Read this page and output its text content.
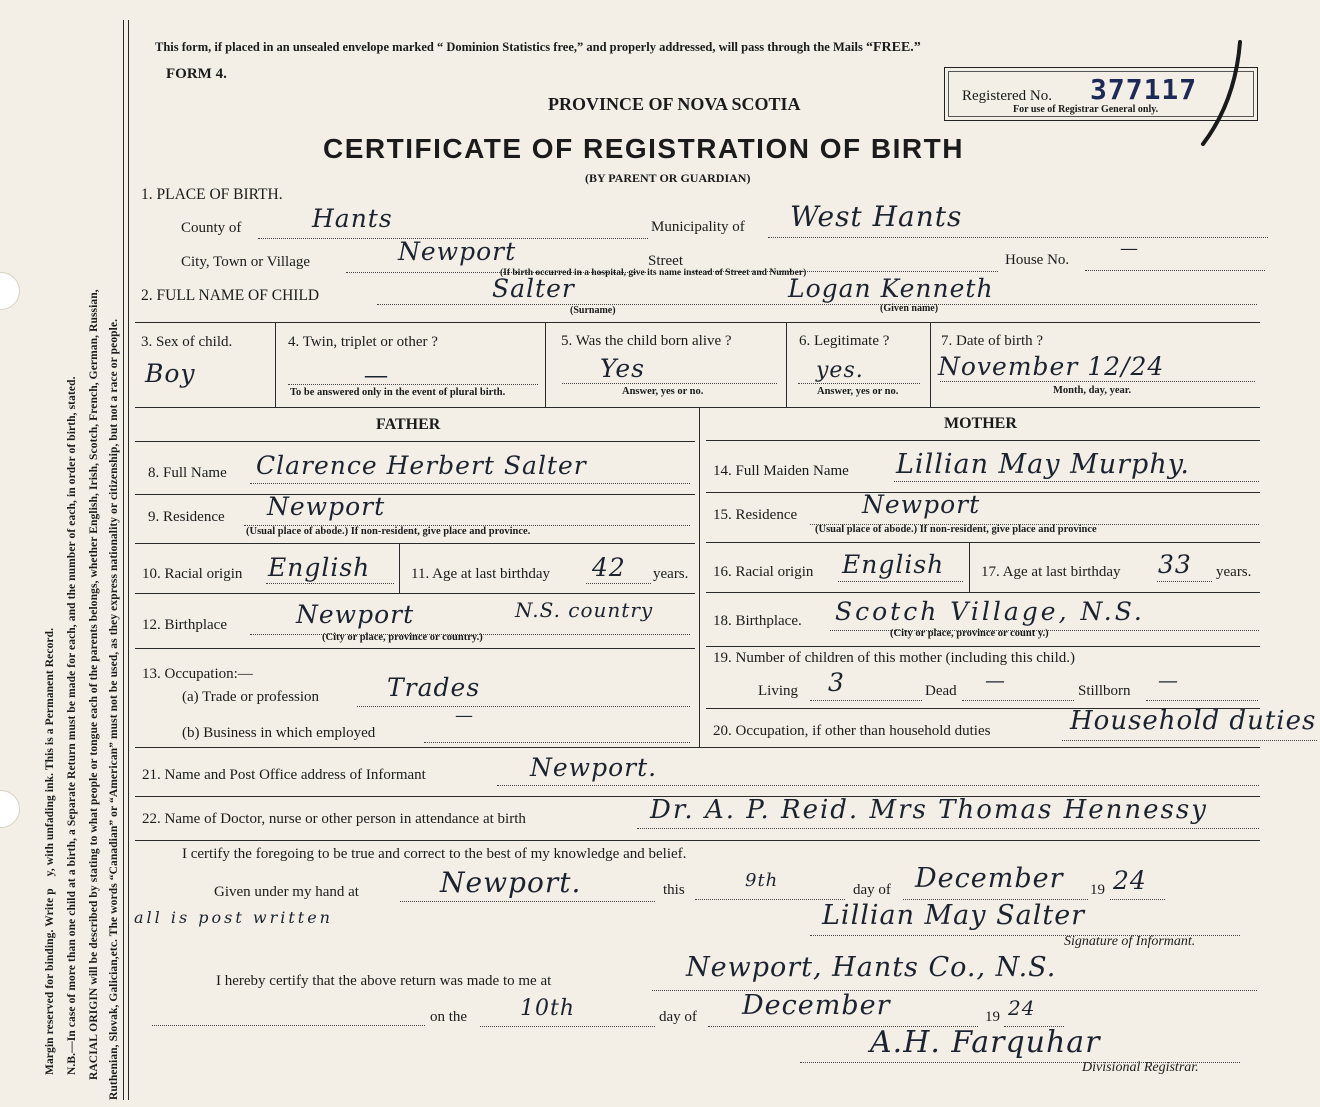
Margin reserved for binding. Write p    y, with unfading ink. This is a Permanent Record. N.B.—In case of more than one child at a birth, a Separate Return must be made for each, and the number of each, in order of birth, stated. RACIAL ORIGIN will be described by stating to what people or tongue each of the parents belongs, whether English, Irish, Scotch, French, German, Russian, Ruthenian, Slovak, Galician,etc. The words “Canadian” or “American” must not be used, as they express nationality or citizenship, but not a race or people.
This form, if placed in an unsealed envelope marked “ Dominion Statistics free,” and properly addressed, will pass through the Mails “FREE.”
FORM 4.
PROVINCE OF NOVA SCOTIA
CERTIFICATE OF REGISTRATION OF BIRTH
(BY PARENT OR GUARDIAN)
Registered No. 377117
For use of Registrar General only.
1. PLACE OF BIRTH.
County of	Hants	Municipality of West Hants
City, Town or Village	Newport	Street	House No.
—
(If birth occurred in a hospital, give its name instead of Street and Number)
2. FULL NAME OF CHILD	Salter	Logan Kenneth
(Surname)	(Given name)
3. Sex of child.
Boy
4. Twin, triplet or other ?
—
To be answered only in the event of plural birth.
5. Was the child born alive ?
Yes
Answer, yes or no.
6. Legitimate ?
yes.
Answer, yes or no.
7. Date of birth ?
November 12/24
Month, day, year.
FATHER	MOTHER
8. Full Name Clarence Herbert Salter
9. Residence Newport
(Usual place of abode.) If non-resident, give place and province.
10. Racial origin English	11. Age at last birthday 42 years.
12. Birthplace	Newport	N.S. country
(City or place, province or country.)
13. Occupation:—
(a) Trade or profession	Trades
(b) Business in which employed
—
14. Full Maiden Name Lillian May Murphy.
15. Residence	Newport
(Usual place of abode.) If non-resident, give place and province
16. Racial origin English 17. Age at last birthday 33 years.
18. Birthplace. Scotch Village, N.S.
(City or place, province or count y.)
19. Number of children of this mother (including this child.)
Living 3	Dead —	Stillborn —
20. Occupation, if other than household duties	Household duties
21. Name and Post Office address of Informant	Newport.
22. Name of Doctor, nurse or other person in attendance at birth	Dr. A. P. Reid. Mrs Thomas Hennessy
I certify the foregoing to be true and correct to the best of my knowledge and belief.
Given under my hand at	Newport.	this	9th	day of December 19 24
all is post written	Lillian May Salter
Signature of Informant.
I hereby certify that the above return was made to me at	Newport, Hants Co., N.S.
on the 10th	day of December	19 24
A.H. Farquhar
Divisional Registrar.
